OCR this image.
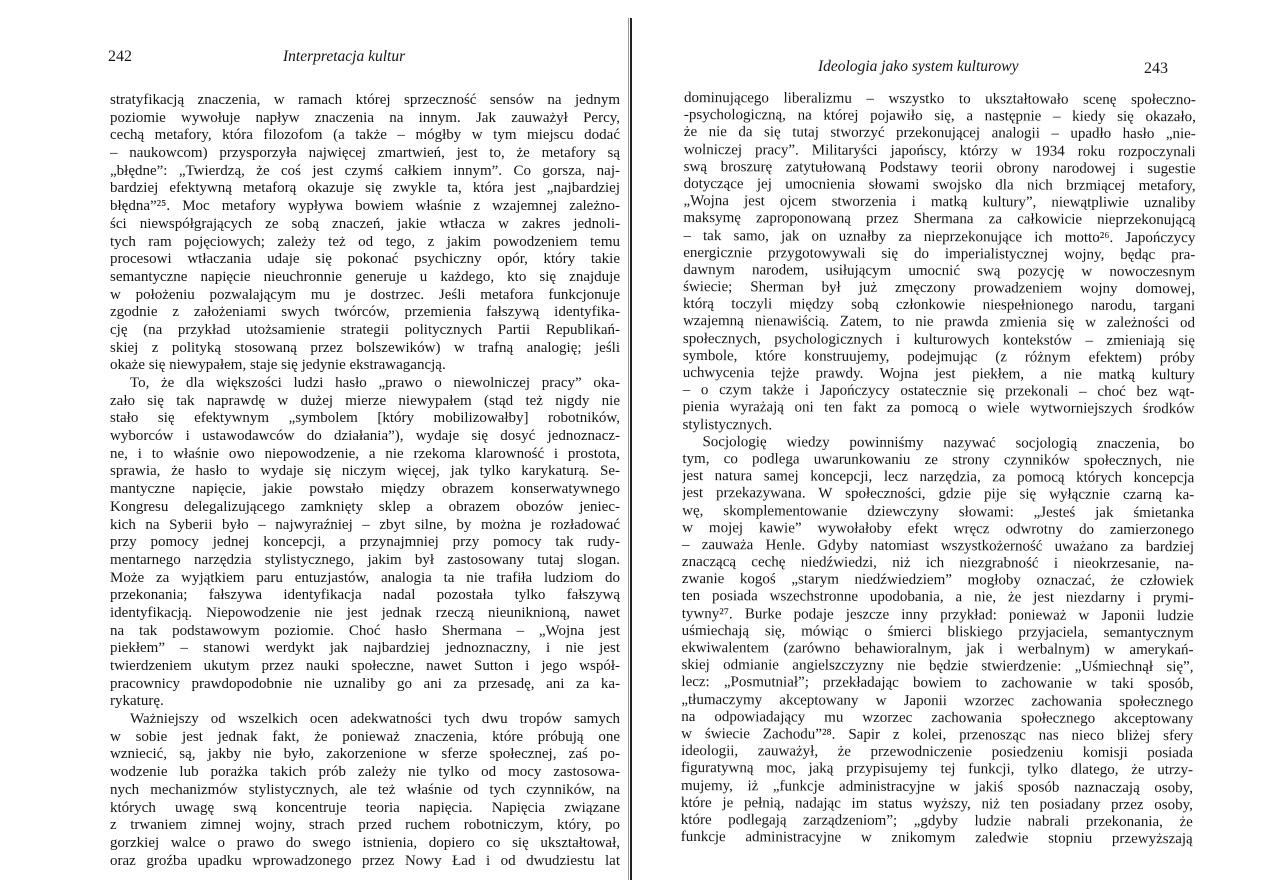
242	Interpretacja kultur
stratyfikacją znaczenia, w ramach której sprzeczność sensów na jednym
poziomie wywołuje napływ znaczenia na innym. Jak zauważył Percy,
cechą metafory, która filozofom (a także – mógłby w tym miejscu dodać
– naukowcom) przysporzyła najwięcej zmartwień, jest to, że metafory są
„błędne”: „Twierdzą, że coś jest czymś całkiem innym”. Co gorsza, naj-
bardziej efektywną metaforą okazuje się zwykle ta, która jest „najbardziej
błędna”²⁵. Moc metafory wypływa bowiem właśnie z wzajemnej zależno-
ści niewspółgrających ze sobą znaczeń, jakie wtłacza w zakres jednoli-
tych ram pojęciowych; zależy też od tego, z jakim powodzeniem temu
procesowi wtłaczania udaje się pokonać psychiczny opór, który takie
semantyczne napięcie nieuchronnie generuje u każdego, kto się znajduje
w położeniu pozwalającym mu je dostrzec. Jeśli metafora funkcjonuje
zgodnie z założeniami swych twórców, przemienia fałszywą identyfika-
cję (na przykład utożsamienie strategii politycznych Partii Republikań-
skiej z polityką stosowaną przez bolszewików) w trafną analogię; jeśli
okaże się niewypałem, staje się jedynie ekstrawagancją.
To, że dla większości ludzi hasło „prawo o niewolniczej pracy” oka-
zało się tak naprawdę w dużej mierze niewypałem (stąd też nigdy nie
stało się efektywnym „symbolem [który mobilizowałby] robotników,
wyborców i ustawodawców do działania”), wydaje się dosyć jednoznacz-
ne, i to właśnie owo niepowodzenie, a nie rzekoma klarowność i prostota,
sprawia, że hasło to wydaje się niczym więcej, jak tylko karykaturą. Se-
mantyczne napięcie, jakie powstało między obrazem konserwatywnego
Kongresu delegalizującego zamknięty sklep a obrazem obozów jeniec-
kich na Syberii było – najwyraźniej – zbyt silne, by można je rozładować
przy pomocy jednej koncepcji, a przynajmniej przy pomocy tak rudy-
mentarnego narzędzia stylistycznego, jakim był zastosowany tutaj slogan.
Może za wyjątkiem paru entuzjastów, analogia ta nie trafiła ludziom do
przekonania; fałszywa identyfikacja nadal pozostała tylko fałszywą
identyfikacją. Niepowodzenie nie jest jednak rzeczą nieuniknioną, nawet
na tak podstawowym poziomie. Choć hasło Shermana – „Wojna jest
piekłem” – stanowi werdykt jak najbardziej jednoznaczny, i nie jest
twierdzeniem ukutym przez nauki społeczne, nawet Sutton i jego współ-
pracownicy prawdopodobnie nie uznaliby go ani za przesadę, ani za ka-
rykaturę.
Ważniejszy od wszelkich ocen adekwatności tych dwu tropów samych
w sobie jest jednak fakt, że ponieważ znaczenia, które próbują one
wzniecić, są, jakby nie było, zakorzenione w sferze społecznej, zaś po-
wodzenie lub porażka takich prób zależy nie tylko od mocy zastosowa-
nych mechanizmów stylistycznych, ale też właśnie od tych czynników, na
których uwagę swą koncentruje teoria napięcia. Napięcia związane
z trwaniem zimnej wojny, strach przed ruchem robotniczym, który, po
gorzkiej walce o prawo do swego istnienia, dopiero co się ukształtował,
oraz groźba upadku wprowadzonego przez Nowy Ład i od dwudziestu lat
Ideologia jako system kulturowy	243
dominującego liberalizmu – wszystko to ukształtowało scenę społeczno-
-psychologiczną, na której pojawiło się, a następnie – kiedy się okazało,
że nie da się tutaj stworzyć przekonującej analogii – upadło hasło „nie-
wolniczej pracy”. Militaryści japońscy, którzy w 1934 roku rozpoczynali
swą broszurę zatytułowaną Podstawy teorii obrony narodowej i sugestie
dotyczące jej umocnienia słowami swojsko dla nich brzmiącej metafory,
„Wojna jest ojcem stworzenia i matką kultury”, niewątpliwie uznaliby
maksymę zaproponowaną przez Shermana za całkowicie nieprzekonującą
– tak samo, jak on uznałby za nieprzekonujące ich motto²⁶. Japończycy
energicznie przygotowywali się do imperialistycznej wojny, będąc pra-
dawnym narodem, usiłującym umocnić swą pozycję w nowoczesnym
świecie; Sherman był już zmęczony prowadzeniem wojny domowej,
którą toczyli między sobą członkowie niespełnionego narodu, targani
wzajemną nienawiścią. Zatem, to nie prawda zmienia się w zależności od
społecznych, psychologicznych i kulturowych kontekstów – zmieniają się
symbole, które konstruujemy, podejmując (z różnym efektem) próby
uchwycenia tejże prawdy. Wojna jest piekłem, a nie matką kultury
– o czym także i Japończycy ostatecznie się przekonali – choć bez wąt-
pienia wyrażają oni ten fakt za pomocą o wiele wytworniejszych środków
stylistycznych.
Socjologię wiedzy powinniśmy nazywać socjologią znaczenia, bo
tym, co podlega uwarunkowaniu ze strony czynników społecznych, nie
jest natura samej koncepcji, lecz narzędzia, za pomocą których koncepcja
jest przekazywana. W społeczności, gdzie pije się wyłącznie czarną ka-
wę, skomplementowanie dziewczyny słowami: „Jesteś jak śmietanka
w mojej kawie” wywołałoby efekt wręcz odwrotny do zamierzonego
– zauważa Henle. Gdyby natomiast wszystkożerność uważano za bardziej
znaczącą cechę niedźwiedzi, niż ich niezgrabność i nieokrzesanie, na-
zwanie kogoś „starym niedźwiedziem” mogłoby oznaczać, że człowiek
ten posiada wszechstronne upodobania, a nie, że jest niezdarny i prymi-
tywny²⁷. Burke podaje jeszcze inny przykład: ponieważ w Japonii ludzie
uśmiechają się, mówiąc o śmierci bliskiego przyjaciela, semantycznym
ekwiwalentem (zarówno behawioralnym, jak i werbalnym) w amerykań-
skiej odmianie angielszczyzny nie będzie stwierdzenie: „Uśmiechnął się”,
lecz: „Posmutniał”; przekładając bowiem to zachowanie w taki sposób,
„tłumaczymy akceptowany w Japonii wzorzec zachowania społecznego
na odpowiadający mu wzorzec zachowania społecznego akceptowany
w świecie Zachodu”²⁸. Sapir z kolei, przenosząc nas nieco bliżej sfery
ideologii, zauważył, że przewodniczenie posiedzeniu komisji posiada
figuratywną moc, jaką przypisujemy tej funkcji, tylko dlatego, że utrzy-
mujemy, iż „funkcje administracyjne w jakiś sposób naznaczają osoby,
które je pełnią, nadając im status wyższy, niż ten posiadany przez osoby,
które podlegają zarządzeniom”; „gdyby ludzie nabrali przekonania, że
funkcje administracyjne w znikomym zaledwie stopniu przewyższają
